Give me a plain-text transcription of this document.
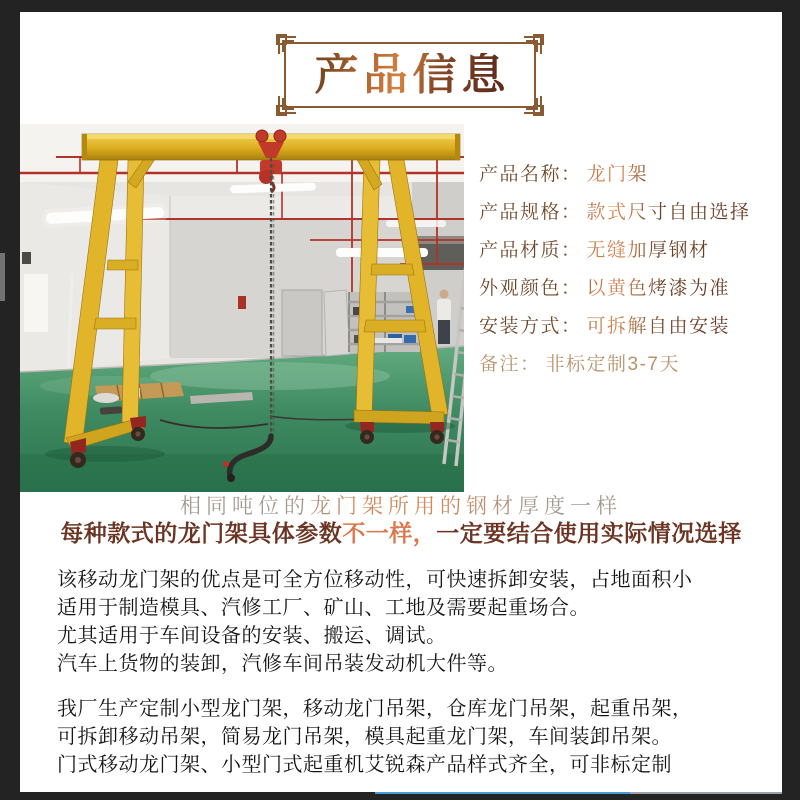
产品信息
产品名称： 龙门架
产品规格： 款式尺寸自由选择
产品材质： 无缝加厚钢材
外观颜色： 以黄色烤漆为准
安装方式： 可拆解自由安装
备注： 非标定制3-7天
相同吨位的龙门架所用的钢材厚度一样
每种款式的龙门架具体参数不一样，一定要结合使用实际情况选择
该移动龙门架的优点是可全方位移动性，可快速拆卸安装，占地面积小
适用于制造模具、汽修工厂、矿山、工地及需要起重场合。
尤其适用于车间设备的安装、搬运、调试。
汽车上货物的装卸，汽修车间吊装发动机大件等。
我厂生产定制小型龙门架，移动龙门吊架，仓库龙门吊架，起重吊架，
可拆卸移动吊架，简易龙门吊架，模具起重龙门架，车间装卸吊架。
门式移动龙门架、小型门式起重机艾锐森产品样式齐全，可非标定制
